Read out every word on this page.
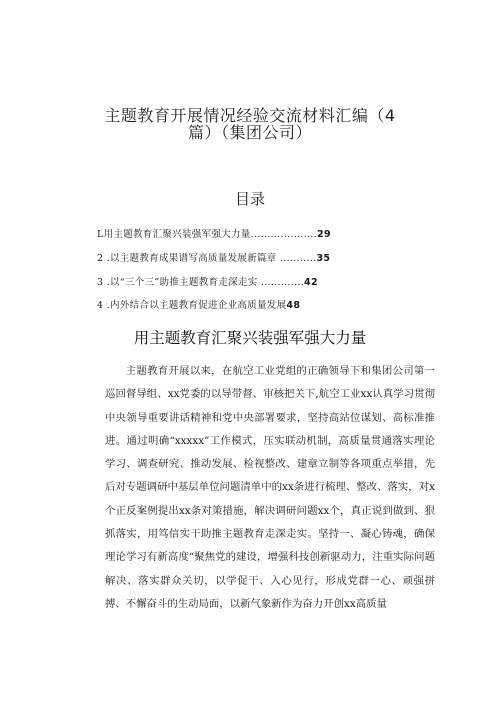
主题教育开展情况经验交流材料汇编（4
篇）（集团公司）
目录
L用主题教育汇聚兴装强军强大力量....................29
2 .以主题教育成果谱写高质量发展新篇章 ...........35
3 .以“三个三”助推主题教育走深走实 .............42
4 .内外结合以主题教育促进企业高质量发展48
用主题教育汇聚兴装强军强大力量

主题教育开展以来，在航空工业党组的正确领导下和集团公司第一巡回督导组、xx党委的以导带督、审核把关下,航空工业xx认真学习贯彻中央领导重要讲话精神和党中央部署要求，坚持高站位谋划、高标准推进。通过明确“xxxxx”工作模式，压实联动机制，高质量贯通落实理论学习、调查研究、推动发展、检视整改、建章立制等各项重点举措，先后对专题调研中基层单位问题清单中的xx条进行梳理、整改、落实，对x个正反案例提出xx条对策措施，解决调研问题xx个，真正说到做到、狠抓落实，用笃信实干助推主题教育走深走实。坚持一、凝心铸魂，确保理论学习有新高度“聚焦党的建设，增强科技创新驱动力，注重实际问题解决、落实群众关切，以学促干、入心见行，形成党群一心、顽强拼搏、不懈奋斗的生动局面，以新气象新作为奋力开创xx高质量
